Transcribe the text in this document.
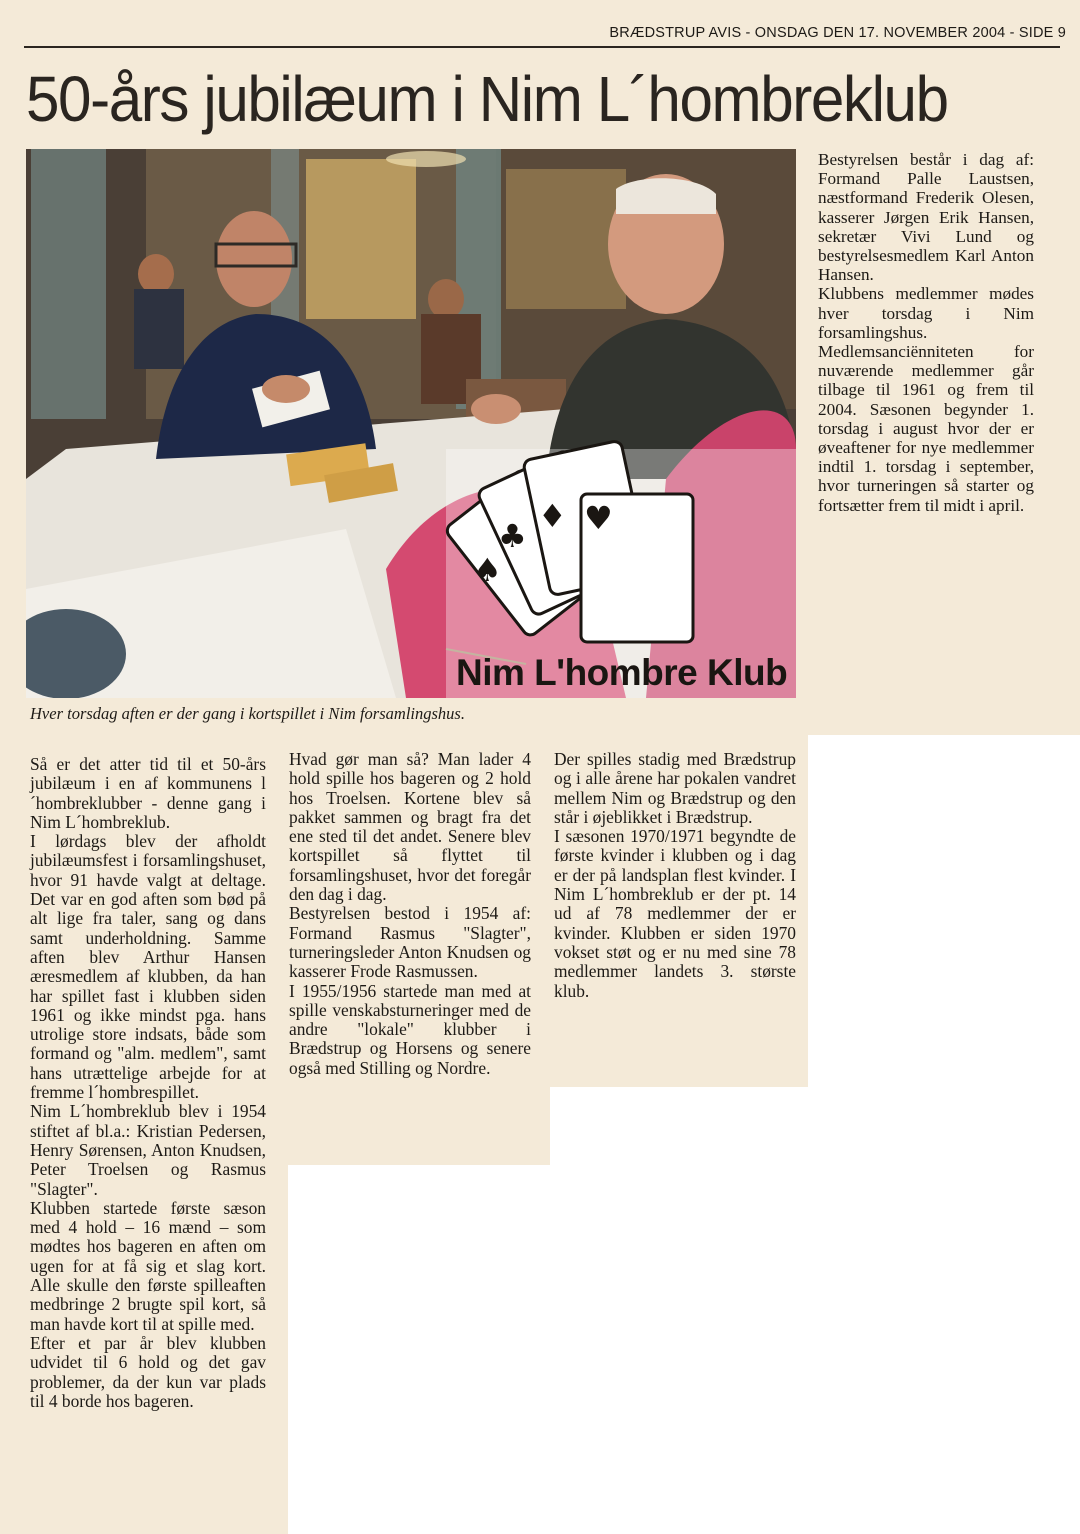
BRÆDSTRUP AVIS - ONSDAG DEN 17. NOVEMBER 2004 - SIDE 9
50-års jubilæum i Nim L´hombreklub
♠
♣
♦ ♥
Nim L'hombre Klub
Hver torsdag aften er der gang i kortspillet i Nim forsamlingshus.

Bestyrelsen består i dag af: Formand Palle Laustsen, næstformand Frederik Olesen, kasserer Jørgen Erik Hansen, sekretær Vivi Lund og bestyrelsesmedlem Karl Anton Hansen.

Klubbens medlemmer mødes hver torsdag i Nim forsamlingshus. Medlemsanciënniteten for nuværende medlemmer går tilbage til 1961 og frem til 2004. Sæsonen begynder 1. torsdag i august hvor der er øveaftener for nye medlemmer indtil 1. torsdag i september, hvor turneringen så starter og fortsætter frem til midt i april.

Så er det atter tid til et 50-års jubilæum i en af kommunens l´hombreklubber - denne gang i Nim L´hombreklub.

I lørdags blev der afholdt jubilæumsfest i forsamlingshuset, hvor 91 havde valgt at deltage. Det var en god aften som bød på alt lige fra taler, sang og dans samt underholdning. Samme aften blev Arthur Hansen æresmedlem af klubben, da han har spillet fast i klubben siden 1961 og ikke mindst pga. hans utrolige store indsats, både som formand og "alm. medlem", samt hans utrættelige arbejde for at fremme l´hombrespillet.

Nim L´hombreklub blev i 1954 stiftet af bl.a.: Kristian Pedersen, Henry Sørensen, Anton Knudsen, Peter Troelsen og Rasmus "Slagter".

Klubben startede første sæson med 4 hold – 16 mænd – som mødtes hos bageren en aften om ugen for at få sig et slag kort. Alle skulle den første spilleaften medbringe 2 brugte spil kort, så man havde kort til at spille med.

Efter et par år blev klubben udvidet til 6 hold og det gav problemer, da der kun var plads til 4 borde hos bageren.

Hvad gør man så? Man lader 4 hold spille hos bageren og 2 hold hos Troelsen. Kortene blev så pakket sammen og bragt fra det ene sted til det andet. Senere blev kortspillet så flyttet til forsamlingshuset, hvor det foregår den dag i dag.

Bestyrelsen bestod i 1954 af: Formand Rasmus "Slagter", turneringsleder Anton Knudsen og kasserer Frode Rasmussen.

I 1955/1956 startede man med at spille venskabsturneringer med de andre "lokale" klubber i Brædstrup og Horsens og senere også med Stilling og Nordre.

Der spilles stadig med Brædstrup og i alle årene har pokalen vandret mellem Nim og Brædstrup og den står i øjeblikket i Brædstrup.

I sæsonen 1970/1971 begyndte de første kvinder i klubben og i dag er der på landsplan flest kvinder. I Nim L´hombreklub er der pt. 14 ud af 78 medlemmer der er kvinder. Klubben er siden 1970 vokset støt og er nu med sine 78 medlemmer landets 3. største klub.
